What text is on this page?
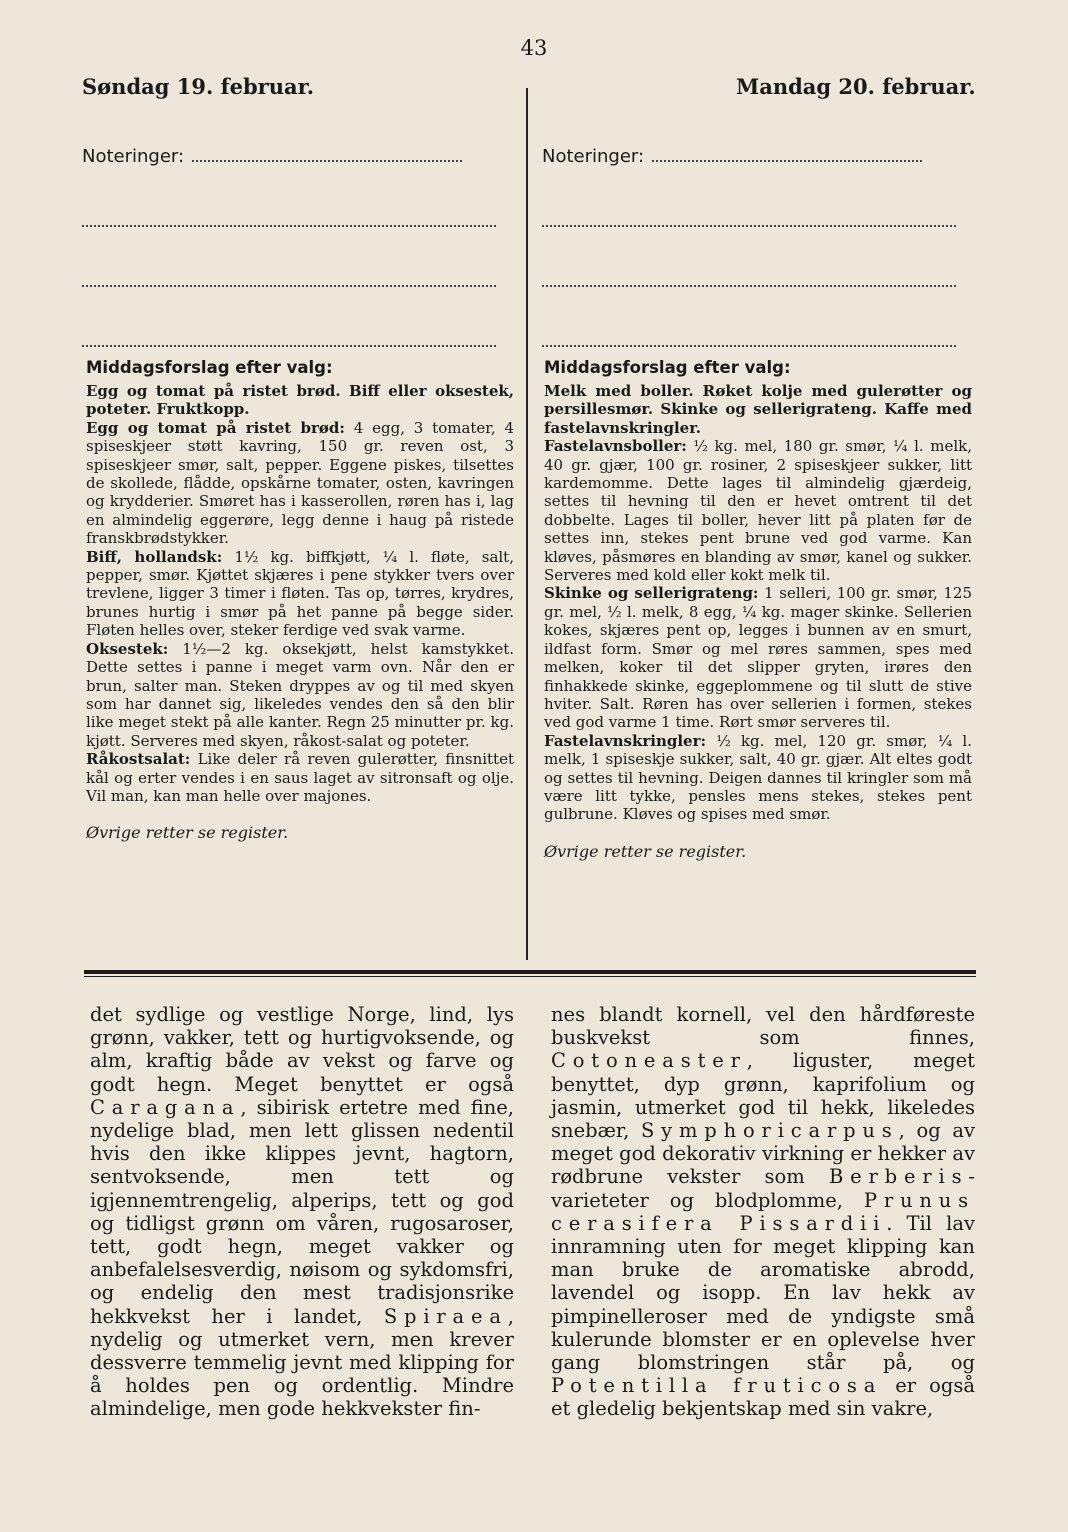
43
Søndag 19. februar.	Mandag 20. februar.
Noteringer:	Noteringer:
Middagsforslag efter valg:

Egg og tomat på ristet brød. Biff eller oksestek, poteter. Fruktkopp.

Egg og tomat på ristet brød: 4 egg, 3 tomater, 4 spiseskjeer støtt kavring, 150 gr. reven ost, 3 spiseskjeer smør, salt, pepper. Eggene piskes, tilsettes de skollede, flådde, opskårne tomater, osten, kavringen og krydderier. Smøret has i kasserollen, røren has i, lag en almindelig eggerøre, legg denne i haug på ristede franskbrødstykker.

Biff, hollandsk: 1½ kg. biffkjøtt, ¼ l. fløte, salt, pepper, smør. Kjøttet skjæres i pene stykker tvers over trevlene, ligger 3 timer i fløten. Tas op, tørres, krydres, brunes hurtig i smør på het panne på begge sider. Fløten helles over, steker ferdige ved svak varme.

Oksestek: 1½—2 kg. oksekjøtt, helst kamstykket. Dette settes i panne i meget varm ovn. Når den er brun, salter man. Steken dryppes av og til med skyen som har dannet sig, likeledes vendes den så den blir like meget stekt på alle kanter. Regn 25 minutter pr. kg. kjøtt. Serveres med skyen, råkost-salat og poteter.

Råkostsalat: Like deler rå reven gulerøtter, finsnittet kål og erter vendes i en saus laget av sitronsaft og olje. Vil man, kan man helle over majones.

Øvrige retter se register.
Middagsforslag efter valg:

Melk med boller. Røket kolje med gulerøtter og persillesmør. Skinke og sellerigrateng. Kaffe med fastelavnskringler.

Fastelavnsboller: ½ kg. mel, 180 gr. smør, ¼ l. melk, 40 gr. gjær, 100 gr. rosiner, 2 spiseskjeer sukker, litt kardemomme. Dette lages til almindelig gjærdeig, settes til hevning til den er hevet omtrent til det dobbelte. Lages til boller, hever litt på platen før de settes inn, stekes pent brune ved god varme. Kan kløves, påsmøres en blanding av smør, kanel og sukker. Serveres med kold eller kokt melk til.

Skinke og sellerigrateng: 1 selleri, 100 gr. smør, 125 gr. mel, ½ l. melk, 8 egg, ¼ kg. mager skinke. Sellerien kokes, skjæres pent op, legges i bunnen av en smurt, ildfast form. Smør og mel røres sammen, spes med melken, koker til det slipper gryten, irøres den finhakkede skinke, eggeplommene og til slutt de stive hviter. Salt. Røren has over sellerien i formen, stekes ved god varme 1 time. Rørt smør serveres til.

Fastelavnskringler: ½ kg. mel, 120 gr. smør, ¼ l. melk, 1 spiseskje sukker, salt, 40 gr. gjær. Alt eltes godt og settes til hevning. Deigen dannes til kringler som må være litt tykke, pensles mens stekes, stekes pent gulbrune. Kløves og spises med smør.

Øvrige retter se register.

det sydlige og vestlige Norge, lind, lys grønn, vakker, tett og hurtigvoksende, og alm, kraftig både av vekst og farve og godt hegn. Meget benyttet er også Caragana, sibirisk ertetre med fine, nydelige blad, men lett glissen nedentil hvis den ikke klippes jevnt, hagtorn, sentvoksende, men tett og igjennemtrengelig, alperips, tett og god og tidligst grønn om våren, rugosaroser, tett, godt hegn, meget vakker og anbefalelsesverdig, nøisom og sykdomsfri, og endelig den mest tradisjonsrike hekkvekst her i landet, Spiraea, nydelig og utmerket vern, men krever dessverre temmelig jevnt med klipping for å holdes pen og ordentlig. Mindre almindelige, men gode hekkvekster fin-

nes blandt kornell, vel den hårdføreste buskvekst som finnes, Cotoneaster, liguster, meget benyttet, dyp grønn, kaprifolium og jasmin, utmerket god til hekk, likeledes snebær, Symphoricarpus, og av meget god dekorativ virkning er hekker av rødbrune vekster som Berberis-varieteter og blodplomme, Prunus cerasifera Pissardii. Til lav innramning uten for meget klipping kan man bruke de aromatiske abrodd, lavendel og isopp. En lav hekk av pimpinelleroser med de yndigste små kulerunde blomster er en oplevelse hver gang blomstringen står på, og Potentilla fruticosa er også et gledelig bekjentskap med sin vakre,
